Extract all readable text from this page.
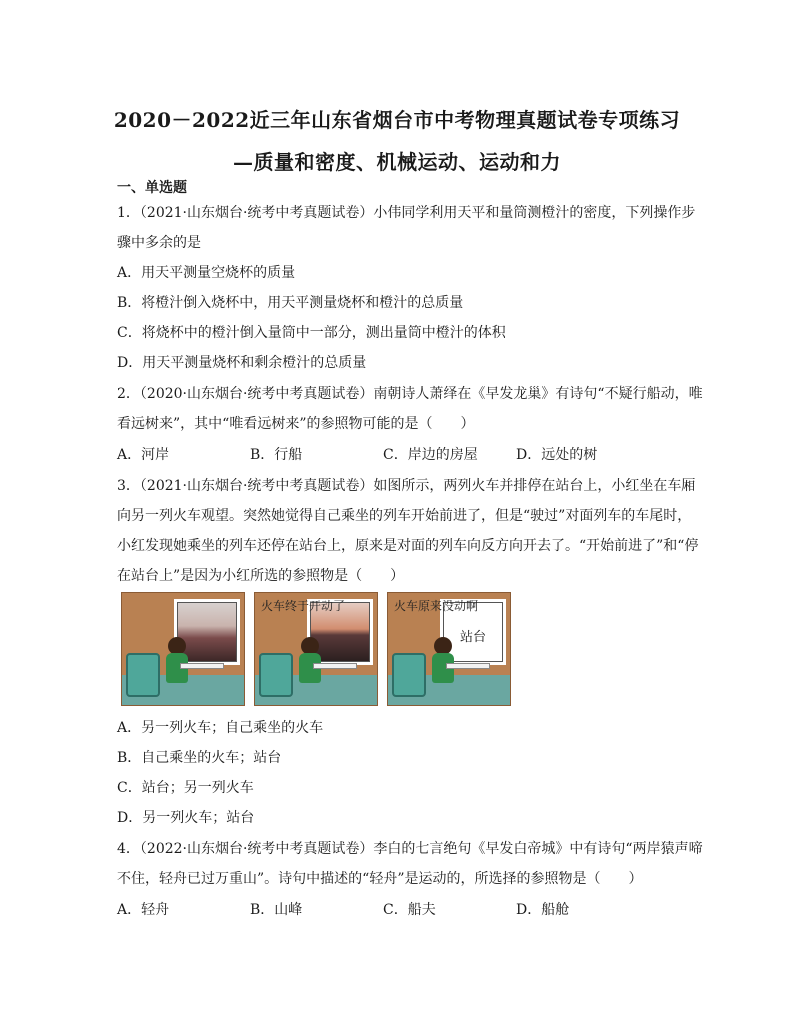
2020－2022近三年山东省烟台市中考物理真题试卷专项练习
—质量和密度、机械运动、运动和力
一、单选题
1．（2021·山东烟台·统考中考真题试卷）小伟同学利用天平和量筒测橙汁的密度，下列操作步
骤中多余的是
A．用天平测量空烧杯的质量
B．将橙汁倒入烧杯中，用天平测量烧杯和橙汁的总质量
C．将烧杯中的橙汁倒入量筒中一部分，测出量筒中橙汁的体积
D．用天平测量烧杯和剩余橙汁的总质量
2．（2020·山东烟台·统考中考真题试卷）南朝诗人萧绎在《早发龙巢》有诗句“不疑行船动，唯
看远树来”，其中“唯看远树来”的参照物可能的是（　　）
A．河岸	B．行船	C．岸边的房屋	D．远处的树
3．（2021·山东烟台·统考中考真题试卷）如图所示，两列火车并排停在站台上，小红坐在车厢
向另一列火车观望。突然她觉得自己乘坐的列车开始前进了，但是“驶过”对面列车的车尾时，
小红发现她乘坐的列车还停在站台上，原来是对面的列车向反方向开去了。“开始前进了”和“停
在站台上”是因为小红所选的参照物是（　　）
火车终于开动了
站台
火车原来没动啊
A．另一列火车；自己乘坐的火车
B．自己乘坐的火车；站台
C．站台；另一列火车
D．另一列火车；站台
4．（2022·山东烟台·统考中考真题试卷）李白的七言绝句《早发白帝城》中有诗句“两岸猿声啼
不住，轻舟已过万重山”。诗句中描述的“轻舟”是运动的，所选择的参照物是（　　）
A．轻舟	B．山峰	C．船夫	D．船舱
